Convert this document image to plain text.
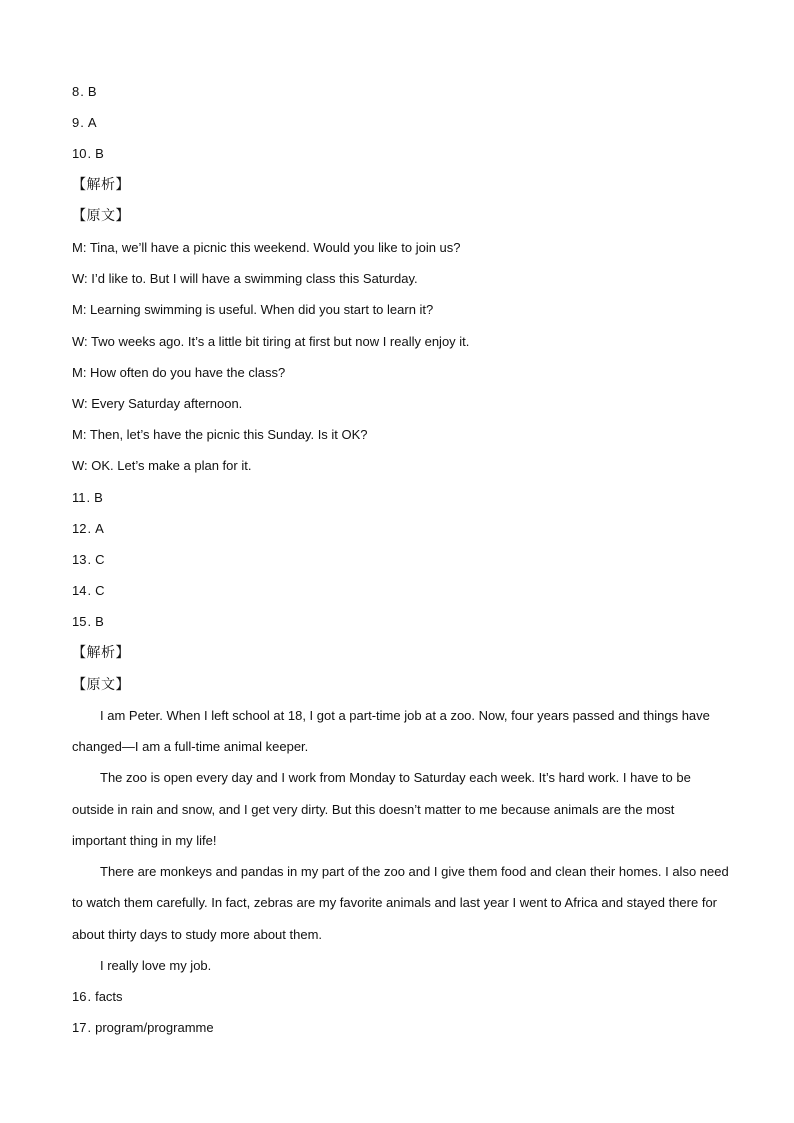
8. B
9. A
10. B
【解析】
【原文】
M: Tina, we’ll have a picnic this weekend. Would you like to join us?
W: I’d like to. But I will have a swimming class this Saturday.
M: Learning swimming is useful. When did you start to learn it?
W: Two weeks ago. It’s a little bit tiring at first but now I really enjoy it.
M: How often do you have the class?
W: Every Saturday afternoon.
M: Then, let’s have the picnic this Sunday. Is it OK?
W: OK. Let’s make a plan for it.
11. B
12. A
13. C
14. C
15. B
【解析】
【原文】
I am Peter. When I left school at 18, I got a part-time job at a zoo. Now, four years passed and things have
changed—I am a full-time animal keeper.
The zoo is open every day and I work from Monday to Saturday each week. It’s hard work. I have to be
outside in rain and snow, and I get very dirty. But this doesn’t matter to me because animals are the most
important thing in my life!
There are monkeys and pandas in my part of the zoo and I give them food and clean their homes. I also need
to watch them carefully. In fact, zebras are my favorite animals and last year I went to Africa and stayed there for
about thirty days to study more about them.
I really love my job.
16. facts
17. program/programme
